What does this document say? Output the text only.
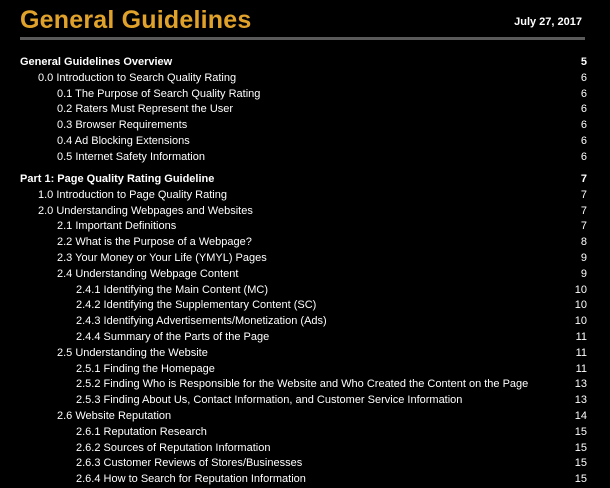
General Guidelines	July 27, 2017
General Guidelines Overview	5
0.0 Introduction to Search Quality Rating	6
0.1 The Purpose of Search Quality Rating	6
0.2 Raters Must Represent the User	6
0.3 Browser Requirements	6
0.4 Ad Blocking Extensions	6
0.5 Internet Safety Information	6
Part 1: Page Quality Rating Guideline	7
1.0 Introduction to Page Quality Rating	7
2.0 Understanding Webpages and Websites	7
2.1 Important Definitions	7
2.2 What is the Purpose of a Webpage?	8
2.3 Your Money or Your Life (YMYL) Pages	9
2.4 Understanding Webpage Content	9
2.4.1 Identifying the Main Content (MC)	10
2.4.2 Identifying the Supplementary Content (SC)	10
2.4.3 Identifying Advertisements/Monetization (Ads)	10
2.4.4 Summary of the Parts of the Page	11
2.5 Understanding the Website	11
2.5.1 Finding the Homepage	11
2.5.2 Finding Who is Responsible for the Website and Who Created the Content on the Page	13
2.5.3 Finding About Us, Contact Information, and Customer Service Information	13
2.6 Website Reputation	14
2.6.1 Reputation Research	15
2.6.2 Sources of Reputation Information	15
2.6.3 Customer Reviews of Stores/Businesses	15
2.6.4 How to Search for Reputation Information	15
